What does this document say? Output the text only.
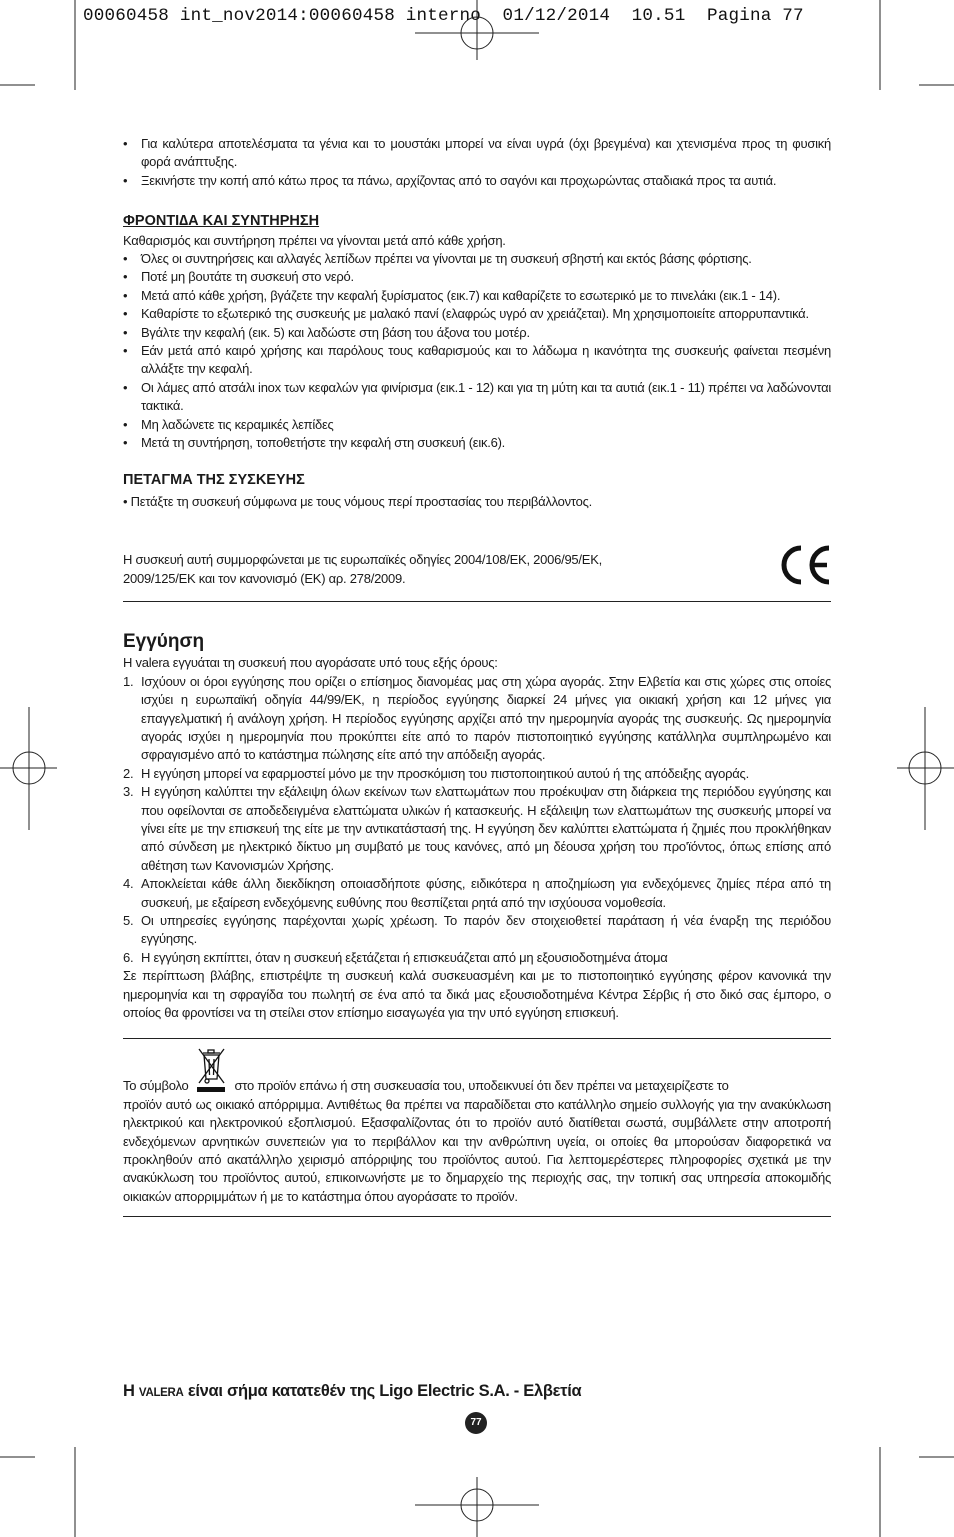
00060458 int_nov2014:00060458 interno  01/12/2014  10.51  Pagina 77
• Για καλύτερα αποτελέσματα τα γένια και το μουστάκι μπορεί να είναι υγρά (όχι βρεγμένα) και χτενισμένα προς τη φυσική φορά ανάπτυξης.
• Ξεκινήστε την κοπή από κάτω προς τα πάνω, αρχίζοντας από το σαγόνι και προχωρώντας σταδιακά προς τα αυτιά.
ΦΡΟΝΤΙ∆Α ΚΑΙ ΣΥΝΤΗΡΗΣΗ

Καθαρισμός και συντήρηση πρέπει να γίνονται μετά από κάθε χρήση.

• Όλες οι συντηρήσεις και αλλαγές λεπίδων πρέπει να γίνονται με τη συσκευή σβηστή και εκτός βάσης φόρτισης.
• Ποτέ μη βουτάτε τη συσκευή στο νερό.
• Μετά από κάθε χρήση, βγάζετε την κεφαλή ξυρίσματος (εικ.7) και καθαρίζετε το εσωτερικό με το πινελάκι (εικ.1 - 14).
• Καθαρίστε το εξωτερικό της συσκευής με μαλακό πανί (ελαφρώς υγρό αν χρειάζεται). Μη χρησιμοποιείτε απορρυπαντικά.
• Βγάλτε την κεφαλή (εικ. 5) και λαδώστε στη βάση του άξονα του μοτέρ.
• Εάν μετά από καιρό χρήσης και παρόλους τους καθαρισμούς και το λάδωμα η ικανότητα της συσκευής φαίνεται πεσμένη αλλάξτε την κεφαλή.
• Οι λάμες από ατσάλι inox των κεφαλών για φινίρισμα (εικ.1 - 12) και για τη μύτη και τα αυτιά (εικ.1 - 11) πρέπει να λαδώνονται τακτικά.
• Μη λαδώνετε τις κεραμικές λεπίδες
• Μετά τη συντήρηση, τοποθετήστε την κεφαλή στη συσκευή (εικ.6).
ΠΕΤΑΓΜΑ ΤΗΣ ΣΥΣΚΕΥΗΣ

• Πετάξτε τη συσκευή σύμφωνα με τους νόμους περί προστασίας του περιβάλλοντος.

Η συσκευή αυτή συμμορφώνεται με τις ευρωπαϊκές οδηγίες 2004/108/ΕΚ, 2006/95/ΕΚ,
2009/125/ΕΚ και τον κανονισμό (ΕΚ) αρ. 278/2009.
Εγγύηση

Η valera εγγυάται τη συσκευή που αγοράσατε υπό τους εξής όρους:

1. Ισχύουν οι όροι εγγύησης που ορίζει ο επίσημος διανομέας μας στη χώρα αγοράς. Στην Ελβετία και στις χώρες στις οποίες ισχύει η ευρωπαϊκή οδηγία 44/99/ΕΚ, η περίοδος εγγύησης διαρκεί 24 μήνες για οικιακή χρήση και 12 μήνες για επαγγελματική ή ανάλογη χρήση. Η περίοδος εγγύησης αρχίζει από την ημερομηνία αγοράς της συσκευής. Ως ημερομηνία αγοράς ισχύει η ημερομηνία που προκύπτει είτε από το παρόν πιστοποιητικό εγγύησης κατάλληλα συμπληρωμένο και σφραγισμένο από το κατάστημα πώλησης είτε από την απόδειξη αγοράς.
2. Η εγγύηση μπορεί να εφαρμοστεί μόνο με την προσκόμιση του πιστοποιητικού αυτού ή της απόδειξης αγοράς.
3. Η εγγύηση καλύπτει την εξάλειψη όλων εκείνων των ελαττωμάτων που προέκυψαν στη διάρκεια της περιόδου εγγύησης και που οφείλονται σε αποδεδειγμένα ελαττώματα υλικών ή κατασκευής. Η εξάλειψη των ελαττωμάτων της συσκευής μπορεί να γίνει είτε με την επισκευή της είτε με την αντικατάστασή της. Η εγγύηση δεν καλύπτει ελαττώματα ή ζημιές που προκλήθηκαν από σύνδεση με ηλεκτρικό δίκτυο μη συμβατό με τους κανόνες, από μη δέουσα χρήση του προ'ϊόντος, όπως επίσης από αθέτηση των Κανονισμών Χρήσης.
4. Αποκλείεται κάθε άλλη διεκδίκηση οποιασδήποτε φύσης, ειδικότερα η αποζημίωση για ενδεχόμενες ζημίες πέρα από τη συσκευή, με εξαίρεση ενδεχόμενης ευθύνης που θεσπίζεται ρητά από την ισχύουσα νομοθεσία.
5. Οι υπηρεσίες εγγύησης παρέχονται χωρίς χρέωση. Το παρόν δεν στοιχειοθετεί παράταση ή νέα έναρξη της περιόδου εγγύησης.
6. Η εγγύηση εκπίπτει, όταν η συσκευή εξετάζεται ή επισκευάζεται από μη εξουσιοδοτημένα άτομα

Σε περίπτωση βλάβης, επιστρέψτε τη συσκευή καλά συσκευασμένη και με το πιστοποιητικό εγγύησης φέρον κανονικά την ημερομηνία και τη σφραγίδα του πωλητή σε ένα από τα δικά μας εξουσιοδοτημένα Κέντρα Σέρβις ή στο δικό σας έμπορο, ο οποίος θα φροντίσει να τη στείλει στον επίσημο εισαγωγέα για την υπό εγγύηση επισκευή.

Το σύμβολο	στο προϊόν επάνω ή στη συσκευασία του, υποδεικνυεί ότι δεν πρέπει να μεταχειρίζεστε το

προϊόν αυτό ως οικιακό απόρριμμα. Αντιθέτως θα πρέπει να παραδίδεται στο κατάλληλο σημείο συλλογής για την ανακύκλωση ηλεκτρικού και ηλεκτρονικού εξοπλισμού. Εξασφαλίζοντας ότι το προϊόν αυτό διατίθεται σωστά, συμβάλλετε στην αποτροπή ενδεχόμενων αρνητικών συνεπειών για το περιβάλλον και την ανθρώπινη υγεία, οι οποίες θα μπορούσαν διαφορετικά να προκληθούν από ακατάλληλο χειρισμό απόρριψης του προϊόντος αυτού. Για λεπτομερέστερες πληροφορίες σχετικά με την ανακύκλωση του προϊόντος αυτού, επικοινωνήστε με το δημαρχείο της περιοχής σας, την τοπική σας υπηρεσία αποκομιδής οικιακών απορριμμάτων ή με το κατάστημα όπου αγοράσατε το προϊόν.

Η VALERA είναι σήμα κατατεθέν της Ligo Electric S.A. - Ελβετία
77
